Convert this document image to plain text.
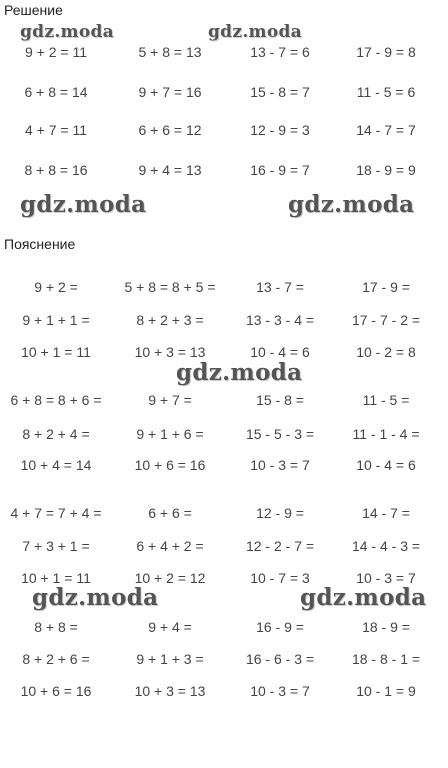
Решение
9 + 2 = 11	5 + 8 = 13	13 - 7 = 6	17 - 9 = 8
6 + 8 = 14	9 + 7 = 16	15 - 8 = 7	11 - 5 = 6
4 + 7 = 11	6 + 6 = 12	12 - 9 = 3	14 - 7 = 7
8 + 8 = 16	9 + 4 = 13	16 - 9 = 7	18 - 9 = 9
Пояснение
9 + 2 =	5 + 8 = 8 + 5 =	13 - 7 =	17 - 9 =
9 + 1 + 1 =	8 + 2 + 3 =	13 - 3 - 4 =	17 - 7 - 2 =
10 + 1 = 11	10 + 3 = 13	10 - 4 = 6	10 - 2 = 8
6 + 8 = 8 + 6 =	9 + 7 =	15 - 8 =	11 - 5 =
8 + 2 + 4 =	9 + 1 + 6 =	15 - 5 - 3 =	11 - 1 - 4 =
10 + 4 = 14	10 + 6 = 16	10 - 3 = 7	10 - 4 = 6
4 + 7 = 7 + 4 =	6 + 6 =	12 - 9 =	14 - 7 =
7 + 3 + 1 =	6 + 4 + 2 =	12 - 2 - 7 =	14 - 4 - 3 =
10 + 1 = 11	10 + 2 = 12	10 - 7 = 3	10 - 3 = 7
8 + 8 =	9 + 4 =	16 - 9 =	18 - 9 =
8 + 2 + 6 =	9 + 1 + 3 =	16 - 6 - 3 =	18 - 8 - 1 =
10 + 6 = 16	10 + 3 = 13	10 - 3 = 7	10 - 1 = 9
gdz.moda	gdz.moda
gdz.moda	gdz.moda
gdz.moda
gdz.moda	gdz.moda
